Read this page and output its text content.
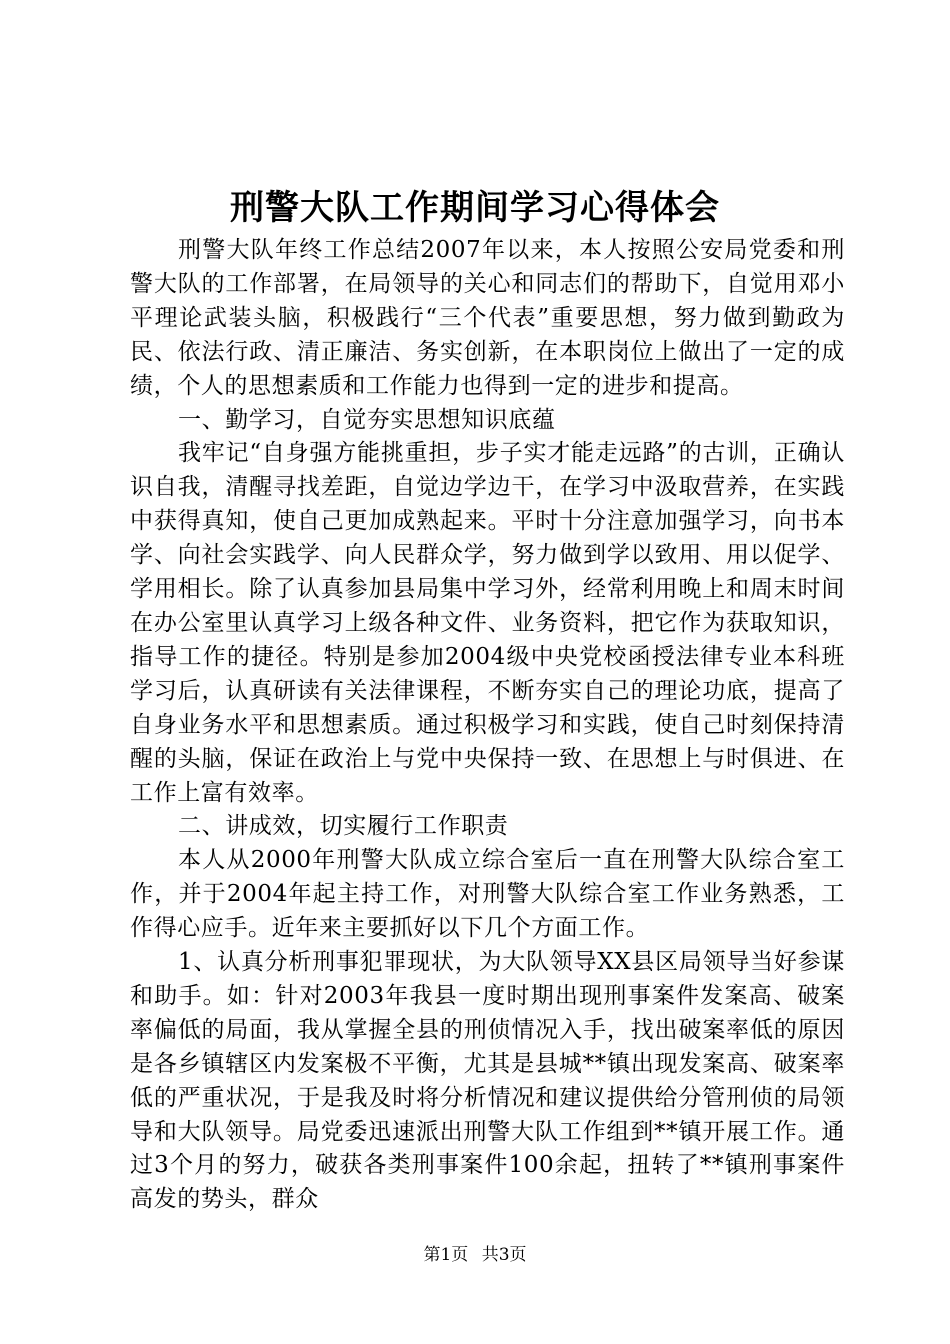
刑警大队工作期间学习心得体会

刑警大队年终工作总结2007年以来，本人按照公安局党委和刑警大队的工作部署，在局领导的关心和同志们的帮助下，自觉用邓小平理论武装头脑，积极践行“三个代表”重要思想，努力做到勤政为民、依法行政、清正廉洁、务实创新，在本职岗位上做出了一定的成绩，个人的思想素质和工作能力也得到一定的进步和提高。

一、勤学习，自觉夯实思想知识底蕴

我牢记“自身强方能挑重担，步子实才能走远路”的古训，正确认识自我，清醒寻找差距，自觉边学边干，在学习中汲取营养，在实践中获得真知，使自己更加成熟起来。平时十分注意加强学习，向书本学、向社会实践学、向人民群众学，努力做到学以致用、用以促学、学用相长。除了认真参加县局集中学习外，经常利用晚上和周末时间在办公室里认真学习上级各种文件、业务资料，把它作为获取知识，指导工作的捷径。特别是参加2004级中央党校函授法律专业本科班学习后，认真研读有关法律课程，不断夯实自己的理论功底，提高了自身业务水平和思想素质。通过积极学习和实践，使自己时刻保持清醒的头脑，保证在政治上与党中央保持一致、在思想上与时俱进、在工作上富有效率。

二、讲成效，切实履行工作职责

本人从2000年刑警大队成立综合室后一直在刑警大队综合室工作，并于2004年起主持工作，对刑警大队综合室工作业务熟悉，工作得心应手。近年来主要抓好以下几个方面工作。

1、认真分析刑事犯罪现状，为大队领导XX县区局领导当好参谋和助手。如：针对2003年我县一度时期出现刑事案件发案高、破案率偏低的局面，我从掌握全县的刑侦情况入手，找出破案率低的原因是各乡镇辖区内发案极不平衡，尤其是县城**镇出现发案高、破案率低的严重状况，于是我及时将分析情况和建议提供给分管刑侦的局领导和大队领导。局党委迅速派出刑警大队工作组到**镇开展工作。通过3个月的努力，破获各类刑事案件100余起，扭转了**镇刑事案件高发的势头，群众

第1页 共3页
